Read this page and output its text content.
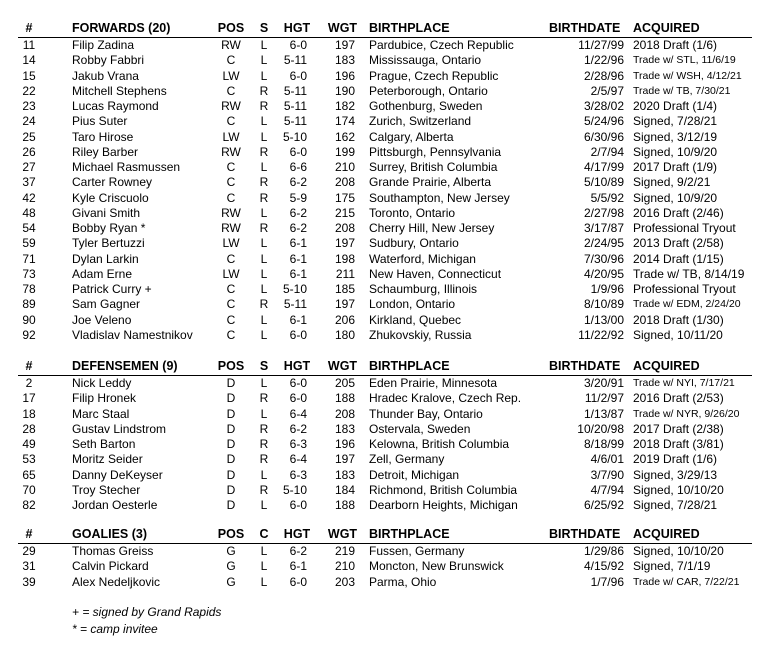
#	FORWARDS (20)	POS	S	HGT WGT BIRTHPLACE	BIRTHDATE ACQUIRED
11	Filip Zadina	RW	L	6-0 197 Pardubice, Czech Republic	11/27/99 2018 Draft (1/6)
14	Robby Fabbri	C	L	5-11 183 Mississauga, Ontario	1/22/96 Trade w/ STL, 11/6/19
15	Jakub Vrana	LW	L	6-0 196 Prague, Czech Republic	2/28/96 Trade w/ WSH, 4/12/21
22	Mitchell Stephens	C	R	5-11 190 Peterborough, Ontario	2/5/97 Trade w/ TB, 7/30/21
23	Lucas Raymond	RW	R	5-11 182 Gothenburg, Sweden	3/28/02 2020 Draft (1/4)
24	Pius Suter	C	L	5-11 174 Zurich, Switzerland	5/24/96 Signed, 7/28/21
25	Taro Hirose	LW	L	5-10 162 Calgary, Alberta	6/30/96 Signed, 3/12/19
26	Riley Barber	RW	R	6-0 199 Pittsburgh, Pennsylvania	2/7/94 Signed, 10/9/20
27	Michael Rasmussen	C	L	6-6 210 Surrey, British Columbia	4/17/99 2017 Draft (1/9)
37	Carter Rowney	C	R	6-2 208 Grande Prairie, Alberta	5/10/89 Signed, 9/2/21
42	Kyle Criscuolo	C	R	5-9 175 Southampton, New Jersey	5/5/92 Signed, 10/9/20
48	Givani Smith	RW	L	6-2 215 Toronto, Ontario	2/27/98 2016 Draft (2/46)
54	Bobby Ryan *	RW	R	6-2 208 Cherry Hill, New Jersey	3/17/87 Professional Tryout
59	Tyler Bertuzzi	LW	L	6-1 197 Sudbury, Ontario	2/24/95 2013 Draft (2/58)
71	Dylan Larkin	C	L	6-1 198 Waterford, Michigan	7/30/96 2014 Draft (1/15)
73	Adam Erne	LW	L	6-1 211 New Haven, Connecticut	4/20/95 Trade w/ TB, 8/14/19
78	Patrick Curry +	C	L	5-10 185 Schaumburg, Illinois	1/9/96 Professional Tryout
89	Sam Gagner	C	R	5-11 197 London, Ontario	8/10/89 Trade w/ EDM, 2/24/20
90	Joe Veleno	C	L	6-1 206 Kirkland, Quebec	1/13/00 2018 Draft (1/30)
92	Vladislav Namestnikov	C	L	6-0 180 Zhukovskiy, Russia	11/22/92 Signed, 10/11/20
#	DEFENSEMEN (9)	POS	S	HGT WGT BIRTHPLACE	BIRTHDATE ACQUIRED
2	Nick Leddy	D	L	6-0 205 Eden Prairie, Minnesota	3/20/91 Trade w/ NYI, 7/17/21
17	Filip Hronek	D	R	6-0 188 Hradec Kralove, Czech Rep.	11/2/97 2016 Draft (2/53)
18	Marc Staal	D	L	6-4 208 Thunder Bay, Ontario	1/13/87 Trade w/ NYR, 9/26/20
28	Gustav Lindstrom	D	R	6-2 183 Ostervala, Sweden	10/20/98 2017 Draft (2/38)
49	Seth Barton	D	R	6-3 196 Kelowna, British Columbia	8/18/99 2018 Draft (3/81)
53	Moritz Seider	D	R	6-4 197 Zell, Germany	4/6/01 2019 Draft (1/6)
65	Danny DeKeyser	D	L	6-3 183 Detroit, Michigan	3/7/90 Signed, 3/29/13
70	Troy Stecher	D	R	5-10 184 Richmond, British Columbia	4/7/94 Signed, 10/10/20
82	Jordan Oesterle	D	L	6-0 188 Dearborn Heights, Michigan	6/25/92 Signed, 7/28/21
#	GOALIES (3)	POS	C	HGT WGT BIRTHPLACE	BIRTHDATE ACQUIRED
29	Thomas Greiss	G	L	6-2 219 Fussen, Germany	1/29/86 Signed, 10/10/20
31	Calvin Pickard	G	L	6-1 210 Moncton, New Brunswick	4/15/92 Signed, 7/1/19
39	Alex Nedeljkovic	G	L	6-0 203 Parma, Ohio	1/7/96 Trade w/ CAR, 7/22/21
+ = signed by Grand Rapids
* = camp invitee
